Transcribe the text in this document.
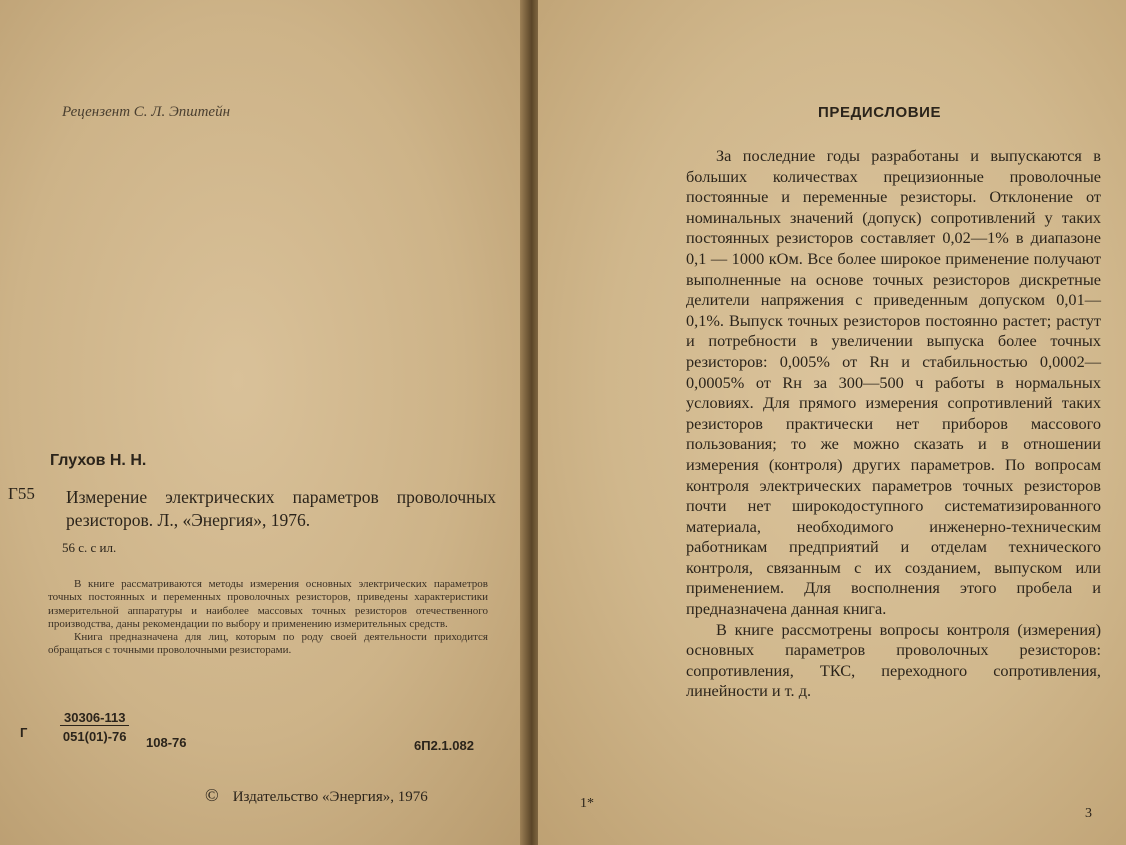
Рецензент С. Л. Эпштейн
Глухов Н. Н.
Г55 Измерение электрических параметров проволочных резисторов. Л., «Энергия», 1976.
56 с. с ил.

В книге рассматриваются методы измерения основных электрических параметров точных постоянных и переменных проволочных резисторов, приведены характеристики измерительной аппаратуры и наиболее массовых точных резисторов отечественного производства, даны рекомендации по выбору и применению измерительных средств.

Книга предназначена для лиц, которым по роду своей деятельности приходится обращаться с точными проволочными резисторами.

Г	$\frac{30306-113}{051(01)-76} 108-76$	6П2.1.082
© Издательство «Энергия», 1976	1*
ПРЕДИСЛОВИЕ

За последние годы разработаны и выпускаются в больших количествах прецизионные проволочные постоянные и переменные резисторы. Отклонение от номинальных значений (допуск) сопротивлений у таких постоянных резисторов составляет 0,02—1% в диапазоне 0,1 — 1000 кОм. Все более широкое применение получают выполненные на основе точных резисторов дискретные делители напряжения с приведенным допуском 0,01—0,1%. Выпуск точных резисторов постоянно растет; растут и потребности в увеличении выпуска более точных резисторов: 0,005% от Rн и стабильностью 0,0002—0,0005% от Rн за 300—500 ч работы в нормальных условиях. Для прямого измерения сопротивлений таких резисторов практически нет приборов массового пользования; то же можно сказать и в отношении измерения (контроля) других параметров. По вопросам контроля электрических параметров точных резисторов почти нет широкодоступного систематизированного материала, необходимого инженерно-техническим работникам предприятий и отделам технического контроля, связанным с их созданием, выпуском или применением. Для восполнения этого пробела и предназначена данная книга.

В книге рассмотрены вопросы контроля (измерения) основных параметров проволочных резисторов: сопротивления, ТКС, переходного сопротивления, линейности и т. д.

3
